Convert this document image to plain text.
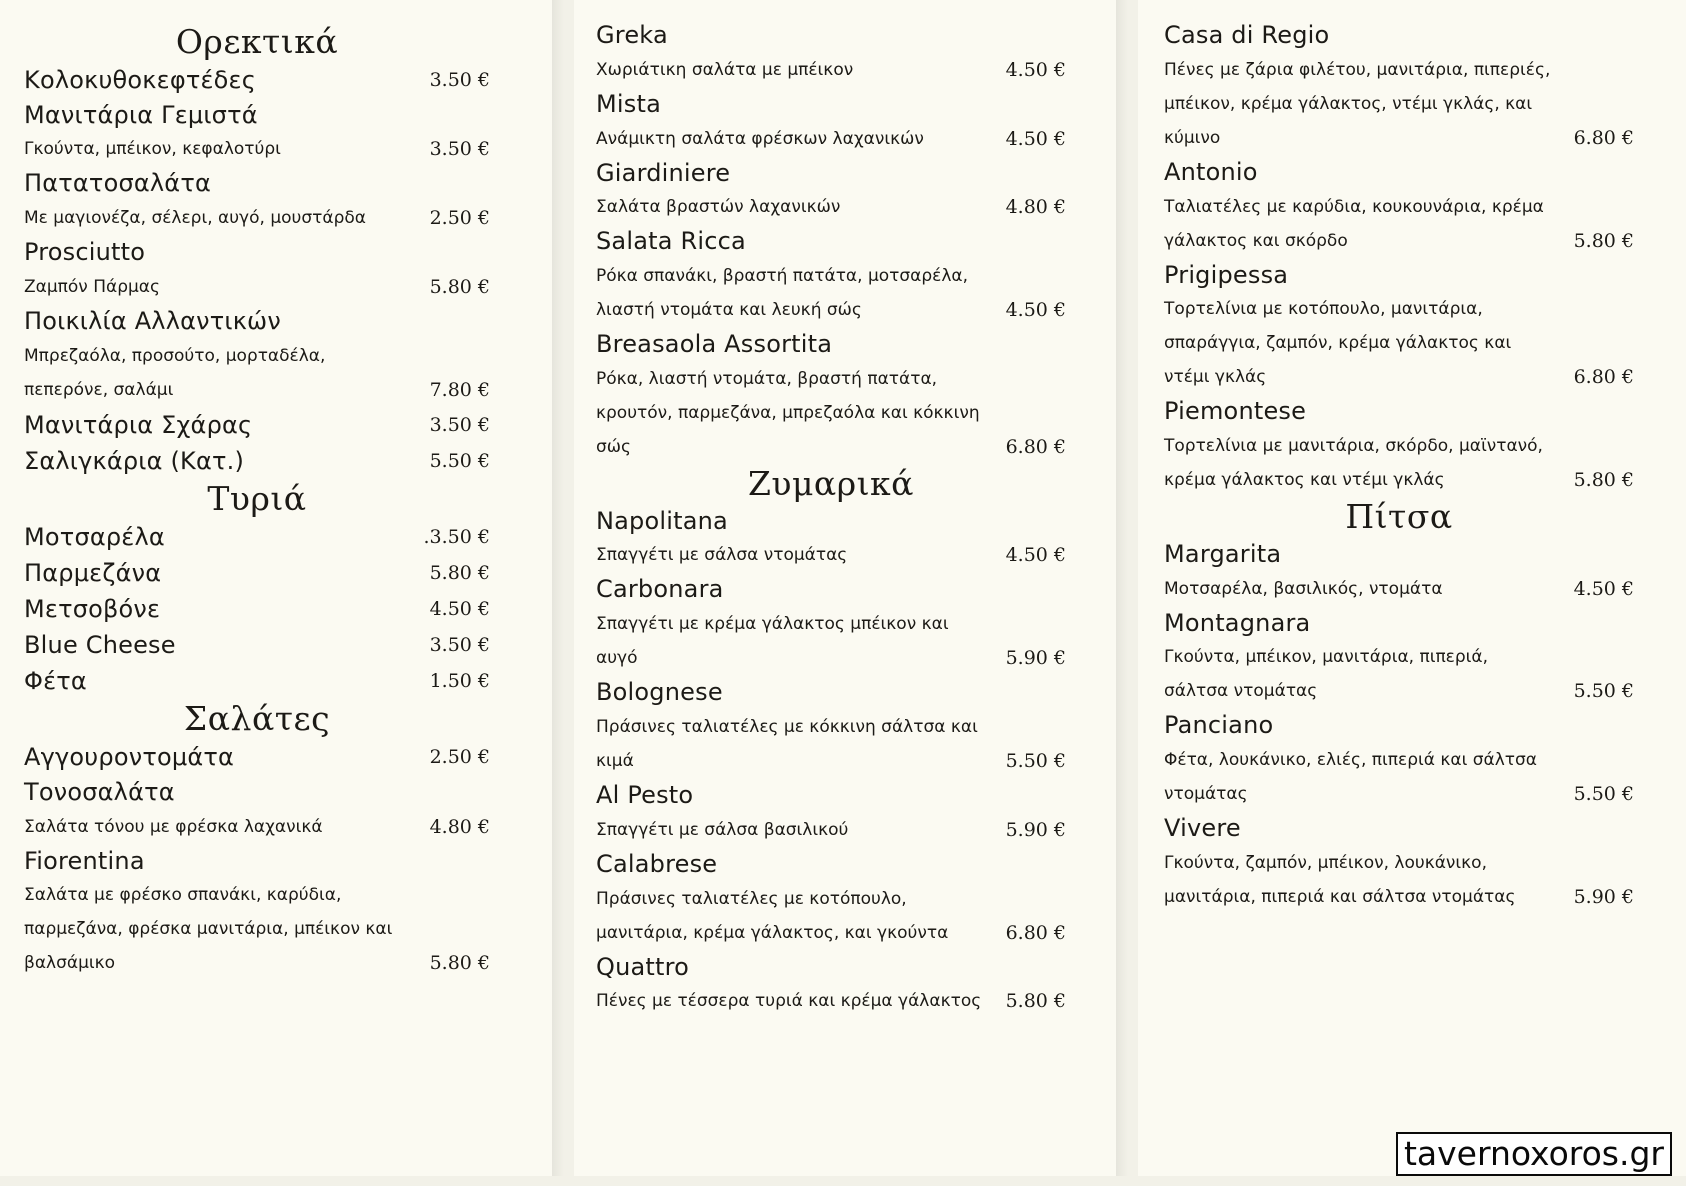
Ορεκτικά
Κολοκυθοκεφτέδες	3.50 €
Μανιτάρια Γεμιστά
Γκούντα, μπέικον, κεφαλοτύρι	3.50 €
Πατατοσαλάτα
Με μαγιονέζα, σέλερι, αυγό, μουστάρδα	2.50 €
Prosciutto
Ζαμπόν Πάρμας	5.80 €
Ποικιλία Αλλαντικών
Μπρεζαόλα, προσούτο, μορταδέλα, πεπερόνε, σαλάμι	7.80 €
Μανιτάρια Σχάρας	3.50 €
Σαλιγκάρια (Κατ.)	5.50 €
Τυριά
Μοτσαρέλα	.3.50 €
Παρμεζάνα	5.80 €
Μετσοβόνε	4.50 €
Blue Cheese	3.50 €
Φέτα	1.50 €
Σαλάτες
Αγγουροντομάτα	2.50 €
Τονοσαλάτα
Σαλάτα τόνου με φρέσκα λαχανικά	4.80 €
Fiorentina
Σαλάτα με φρέσκο σπανάκι, καρύδια, παρμεζάνα, φρέσκα μανιτάρια, μπέικον και βαλσάμικο	5.80 €
Greka
Χωριάτικη σαλάτα με μπέικον	4.50 €
Mista
Ανάμικτη σαλάτα φρέσκων λαχανικών	4.50 €
Giardiniere
Σαλάτα βραστών λαχανικών	4.80 €
Salata Ricca
Ρόκα σπανάκι, βραστή πατάτα, μοτσαρέλα, λιαστή ντομάτα και λευκή σώς	4.50 €
Breasaola Assortita
Ρόκα, λιαστή ντομάτα, βραστή πατάτα, κρουτόν, παρμεζάνα, μπρεζαόλα και κόκκινη σώς	6.80 €
Ζυμαρικά
Napolitana
Σπαγγέτι με σάλσα ντομάτας	4.50 €
Carbonara
Σπαγγέτι με κρέμα γάλακτος μπέικον και αυγό	5.90 €
Bolognese
Πράσινες ταλιατέλες με κόκκινη σάλτσα και κιμά	5.50 €
Al Pesto
Σπαγγέτι με σάλσα βασιλικού	5.90 €
Calabrese
Πράσινες ταλιατέλες με κοτόπουλο, μανιτάρια, κρέμα γάλακτος, και γκούντα	6.80 €
Quattro
Πένες με τέσσερα τυριά και κρέμα γάλακτος 5.80 €
Casa di Regio
Πένες με ζάρια φιλέτου, μανιτάρια, πιπεριές, μπέικον, κρέμα γάλακτος, ντέμι γκλάς, και κύμινο	6.80 €
Antonio
Ταλιατέλες με καρύδια, κουκουνάρια, κρέμα γάλακτος και σκόρδο	5.80 €
Prigipessa
Τορτελίνια με κοτόπουλο, μανιτάρια, σπαράγγια, ζαμπόν, κρέμα γάλακτος και ντέμι γκλάς	6.80 €
Piemontese
Τορτελίνια με μανιτάρια, σκόρδο, μαϊντανό, κρέμα γάλακτος και ντέμι γκλάς	5.80 €
Πίτσα
Margarita
Μοτσαρέλα, βασιλικός, ντομάτα	4.50 €
Montagnara
Γκούντα, μπέικον, μανιτάρια, πιπεριά, σάλτσα ντομάτας	5.50 €
Panciano
Φέτα, λουκάνικο, ελιές, πιπεριά και σάλτσα ντομάτας	5.50 €
Vivere
Γκούντα, ζαμπόν, μπέικον, λουκάνικο, μανιτάρια, πιπεριά και σάλτσα ντομάτας	5.90 €
tavernoxoros.gr
